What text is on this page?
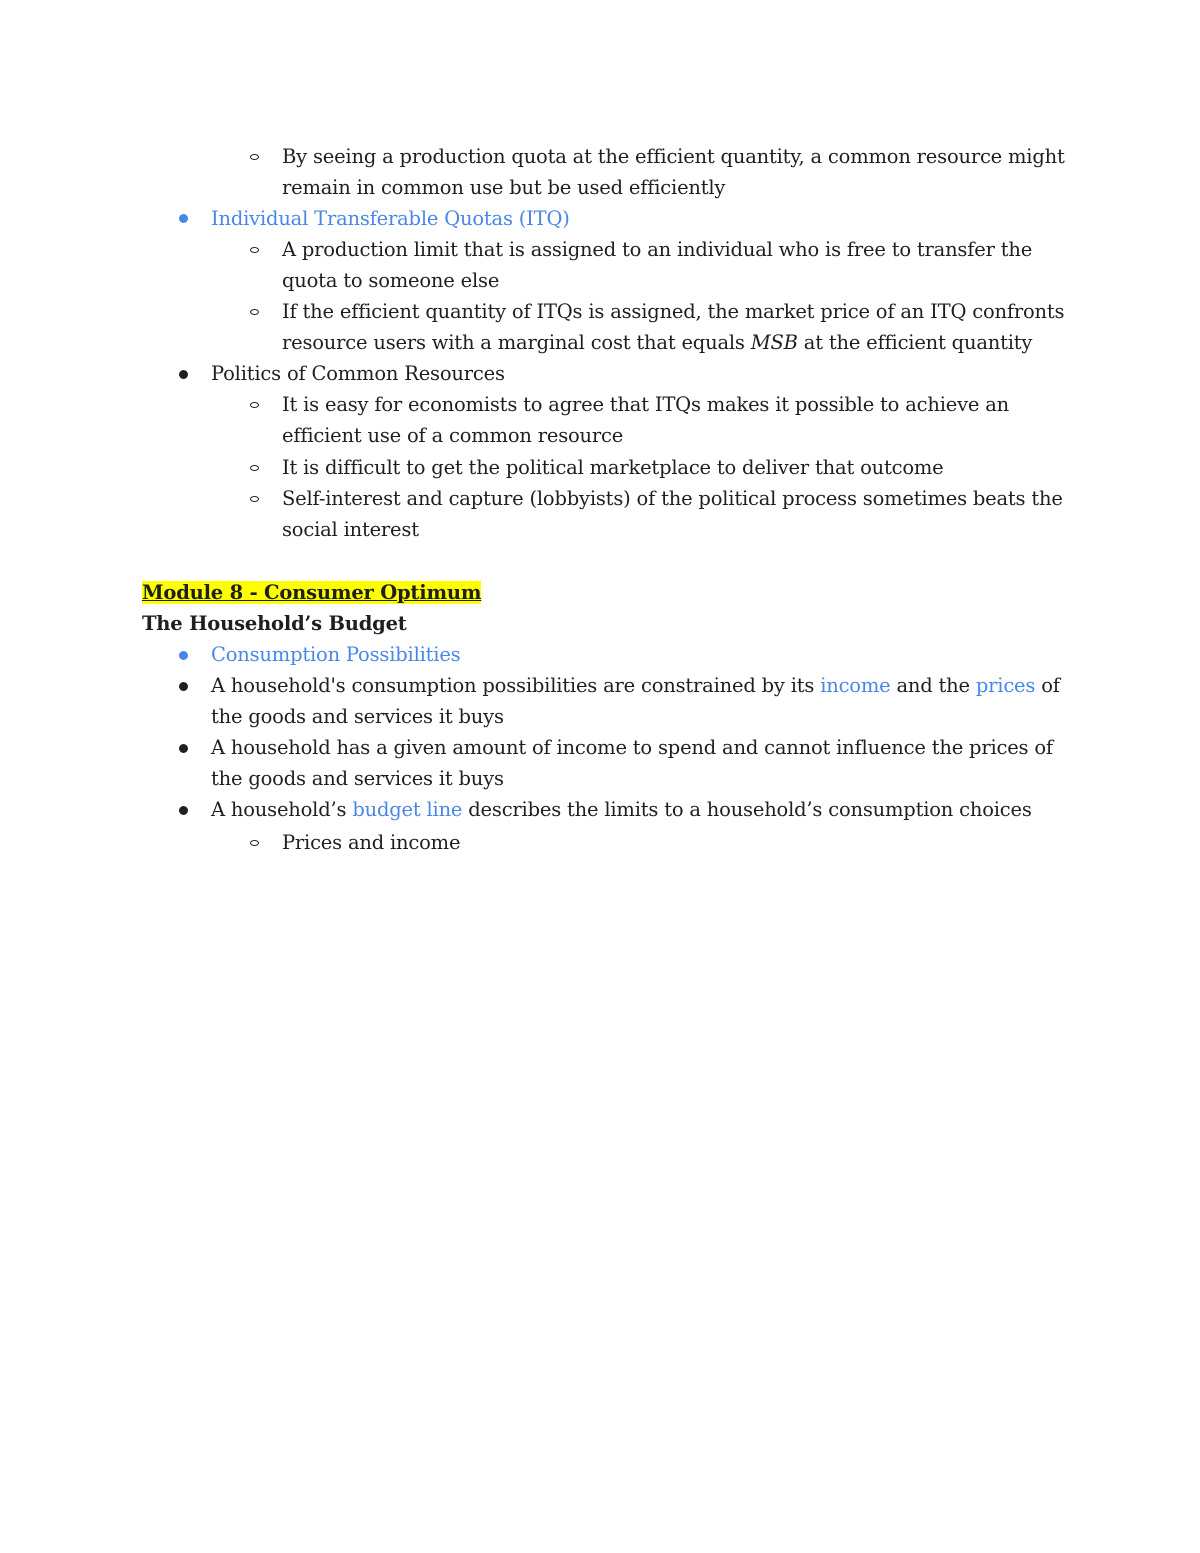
By seeing a production quota at the efficient quantity, a common resource might
remain in common use but be used efficiently
Individual Transferable Quotas (ITQ)
A production limit that is assigned to an individual who is free to transfer the
quota to someone else
If the efficient quantity of ITQs is assigned, the market price of an ITQ confronts
resource users with a marginal cost that equals MSB at the efficient quantity
Politics of Common Resources
It is easy for economists to agree that ITQs makes it possible to achieve an
efficient use of a common resource
It is difficult to get the political marketplace to deliver that outcome
Self-interest and capture (lobbyists) of the political process sometimes beats the
social interest
Module 8 - Consumer Optimum
The Household’s Budget
Consumption Possibilities
A household's consumption possibilities are constrained by its income and the prices of
the goods and services it buys
A household has a given amount of income to spend and cannot influence the prices of
the goods and services it buys
A household’s budget line describes the limits to a household’s consumption choices
Prices and income
